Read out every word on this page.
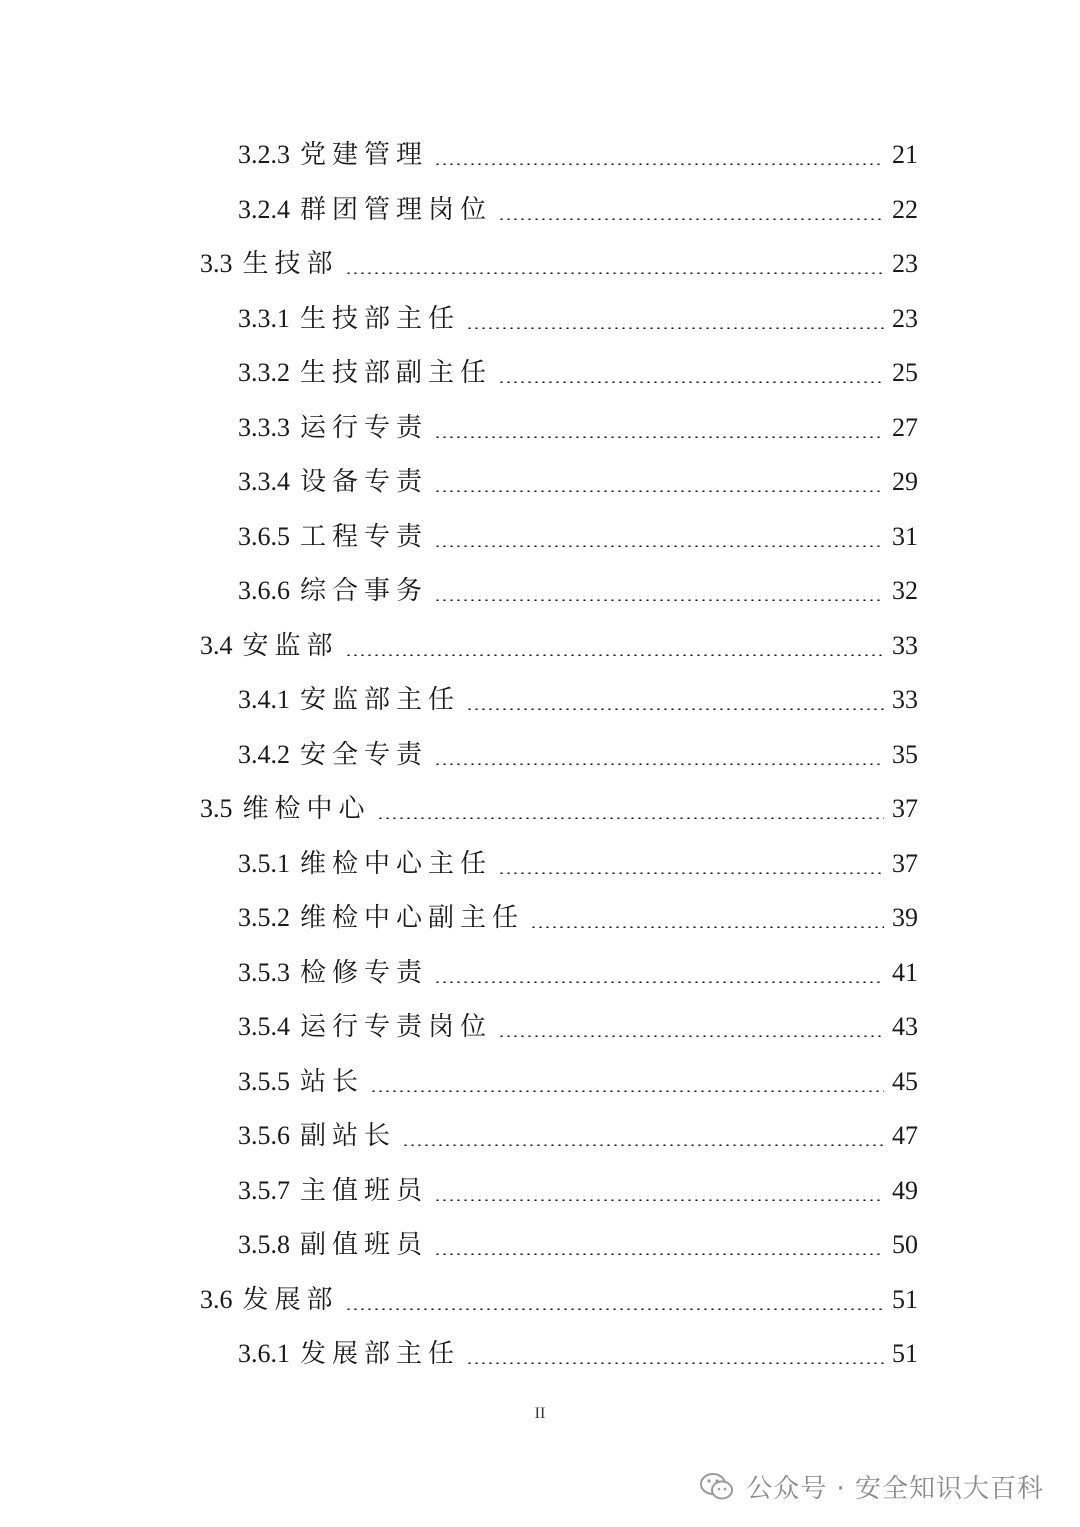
3.2.3 党建管理	21
3.2.4 群团管理岗位	22
3.3 生技部	23
3.3.1 生技部主任	23
3.3.2 生技部副主任	25
3.3.3 运行专责	27
3.3.4 设备专责	29
3.6.5 工程专责	31
3.6.6 综合事务	32
3.4 安监部	33
3.4.1 安监部主任	33
3.4.2 安全专责	35
3.5 维检中心	37
3.5.1 维检中心主任	37
3.5.2 维检中心副主任	39
3.5.3 检修专责	41
3.5.4 运行专责岗位	43
3.5.5 站长	45
3.5.6 副站长	47
3.5.7 主值班员	49
3.5.8 副值班员	50
3.6 发展部	51
3.6.1 发展部主任	51
II
公众号 · 安全知识大百科
